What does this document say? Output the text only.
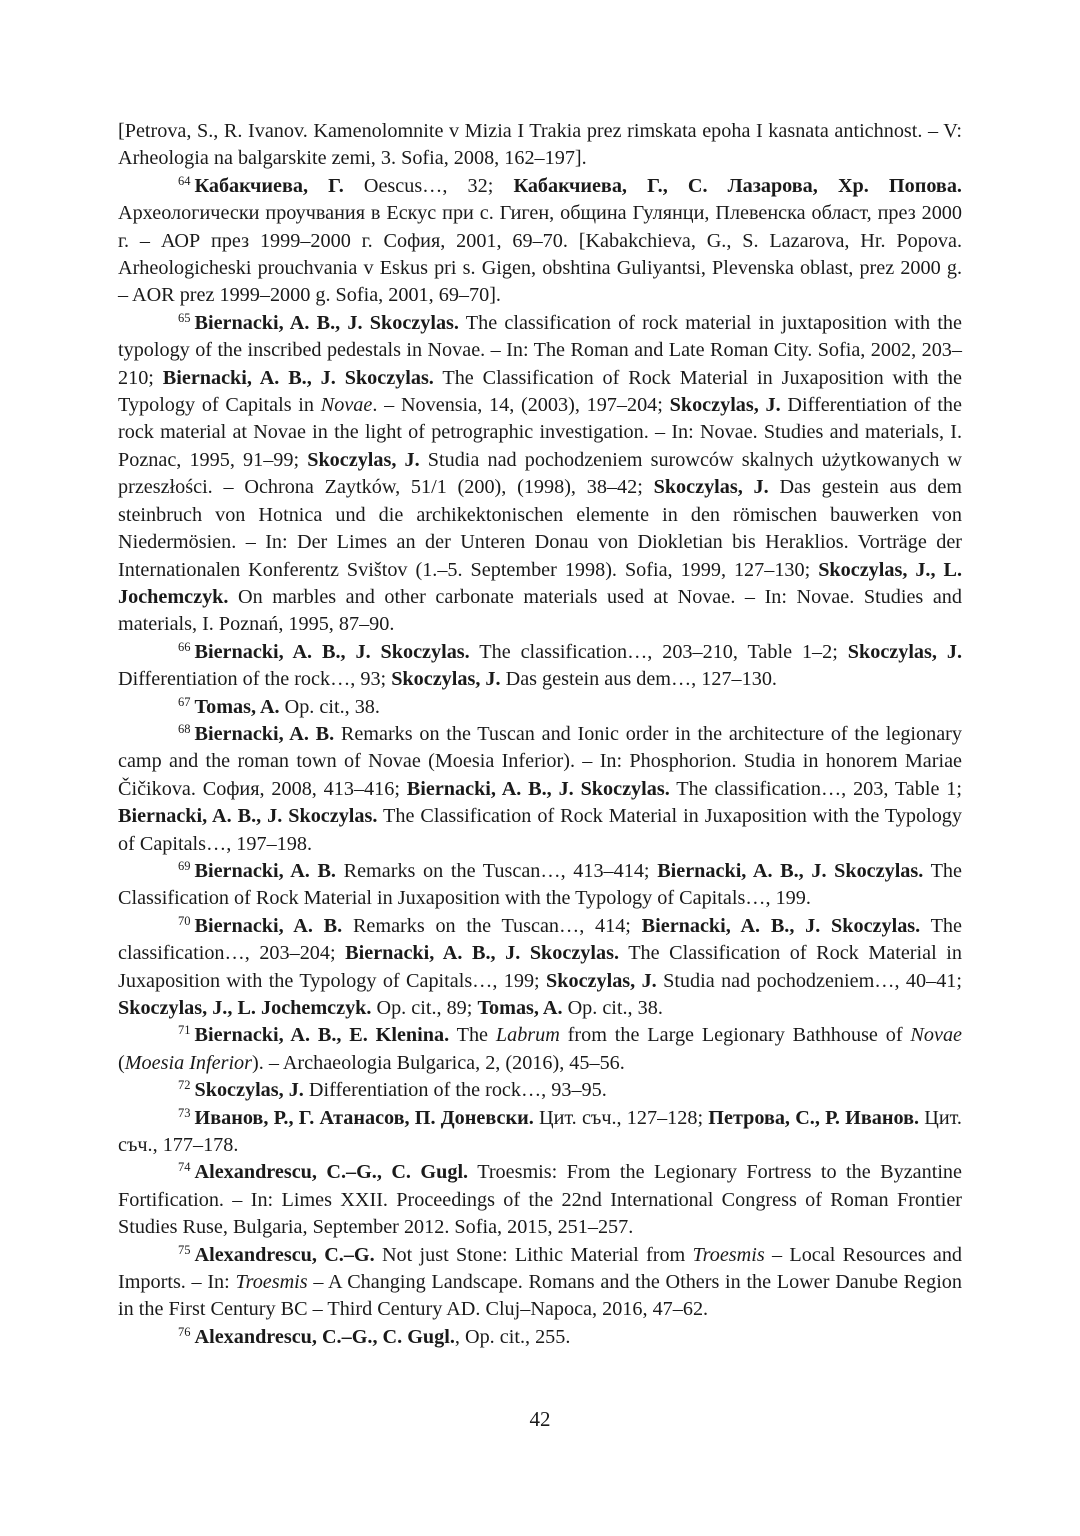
[Petrova, S., R. Ivanov. Kamenolomnite v Mizia I Trakia prez rimskata epoha I kasnata antichnost. – V: Arheologia na balgarskite zemi, 3. Sofia, 2008, 162–197].

$^{64}$ Кабакчиева, Г. Oescus…, 32; Кабакчиева, Г., С. Лазарова, Хр. Попова. Археологически проучвания в Ескус при с. Гиген, община Гулянци, Плевенска област, през 2000 г. – АОР през 1999–2000 г. София, 2001, 69–70. [Kabakchieva, G., S. Lazarova, Hr. Popova. Arheologicheski prouchvania v Eskus pri s. Gigen, obshtina Guliyantsi, Plevenska oblast, prez 2000 g. – AOR prez 1999–2000 g. Sofia, 2001, 69–70].

$^{65}$ Biernacki, A. B., J. Skoczylas. The classification of rock material in juxtaposition with the typology of the inscribed pedestals in Novae. – In: The Roman and Late Roman City. Sofia, 2002, 203–210; Biernacki, A. B., J. Skoczylas. The Classification of Rock Material in Juxaposition with the Typology of Capitals in Novae. – Novensia, 14, (2003), 197–204; Skoczylas, J. Differentiation of the rock material at Novae in the light of petrographic investigation. – In: Novae. Studies and materials, I. Poznac, 1995, 91–99; Skoczylas, J. Studia nad pochodzeniem surowców skalnych użytkowanych w przeszłości. – Ochrona Zaytków, 51/1 (200), (1998), 38–42; Skoczylas, J. Das gestein aus dem steinbruch von Hotnica und die archikektonischen elemente in den römischen bauwerken von Niedermösien. – In: Der Limes an der Unteren Donau von Diokletian bis Heraklios. Vorträge der Internationalen Konferentz Svištov (1.–5. September 1998). Sofia, 1999, 127–130; Skoczylas, J., L. Jochemczyk. On marbles and other carbonate materials used at Novae. – In: Novae. Studies and materials, I. Poznań, 1995, 87–90.

$^{66}$ Biernacki, A. B., J. Skoczylas. The classification…, 203–210, Table 1–2; Skoczylas, J. Differentiation of the rock…, 93; Skoczylas, J. Das gestein aus dem…, 127–130.

$^{67}$ Tomas, A. Op. cit., 38.

$^{68}$ Biernacki, A. B. Remarks on the Tuscan and Ionic order in the architecture of the legionary camp and the roman town of Novae (Moesia Inferior). – In: Phosphorion. Studia in honorem Mariae Čičikova. София, 2008, 413–416; Biernacki, A. B., J. Skoczylas. The classification…, 203, Table 1; Biernacki, A. B., J. Skoczylas. The Classification of Rock Material in Juxaposition with the Typology of Capitals…, 197–198.

$^{69}$ Biernacki, A. B. Remarks on the Tuscan…, 413–414; Biernacki, A. B., J. Skoczylas. The Classification of Rock Material in Juxaposition with the Typology of Capitals…, 199.

$^{70}$ Biernacki, A. B. Remarks on the Tuscan…, 414; Biernacki, A. B., J. Skoczylas. The classification…, 203–204; Biernacki, A. B., J. Skoczylas. The Classification of Rock Material in Juxaposition with the Typology of Capitals…, 199; Skoczylas, J. Studia nad pochodzeniem…, 40–41; Skoczylas, J., L. Jochemczyk. Op. cit., 89; Tomas, A. Op. cit., 38.

$^{71}$ Biernacki, A. B., E. Klenina. The Labrum from the Large Legionary Bathhouse of Novae (Moesia Inferior). – Archaeologia Bulgarica, 2, (2016), 45–56.

$^{72}$ Skoczylas, J. Differentiation of the rock…, 93–95.

$^{73}$ Иванов, Р., Г. Атанасов, П. Доневски. Цит. съч., 127–128; Петрова, С., Р. Иванов. Цит. съч., 177–178.

$^{74}$ Alexandrescu, C.–G., C. Gugl. Troesmis: From the Legionary Fortress to the Byzantine Fortification. – In: Limes XXII. Proceedings of the 22nd International Congress of Roman Frontier Studies Ruse, Bulgaria, September 2012. Sofia, 2015, 251–257.

$^{75}$ Alexandrescu, C.–G. Not just Stone: Lithic Material from Troesmis – Local Resources and Imports. – In: Troesmis – A Changing Landscape. Romans and the Others in the Lower Danube Region in the First Century BC – Third Century AD. Cluj–Napoca, 2016, 47–62.

$^{76}$ Alexandrescu, C.–G., C. Gugl., Op. cit., 255.

42
